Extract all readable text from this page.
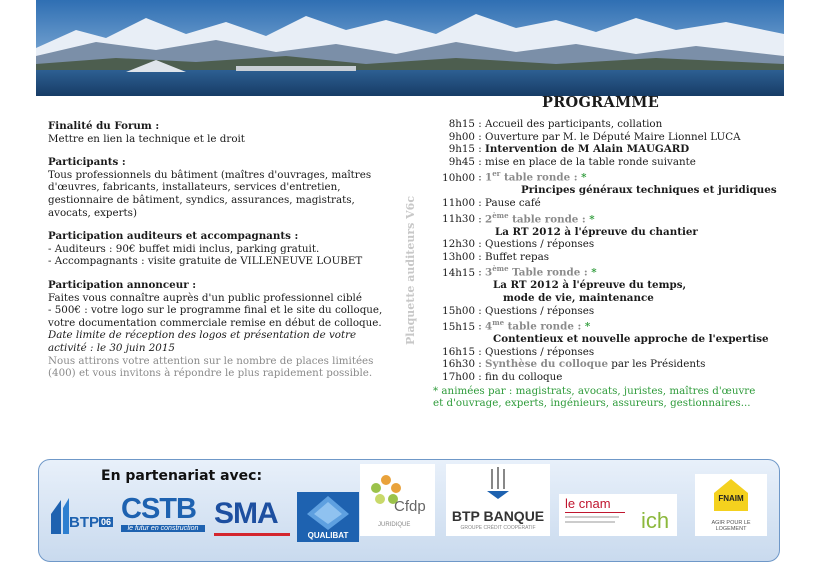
Finalité du Forum :
Mettre en lien la technique et le droit
Participants :
Tous professionnels du bâtiment (maîtres d'ouvrages, maîtres
d'œuvres, fabricants, installateurs, services d'entretien,
gestionnaire de bâtiment, syndics, assurances, magistrats,
avocats, experts)
Participation auditeurs et accompagnants :
- Auditeurs : 90€ buffet midi inclus, parking gratuit.
- Accompagnants : visite gratuite de VILLENEUVE LOUBET
Participation annonceur :
Faites vous connaître auprès d'un public professionnel ciblé
- 500€ : votre logo sur le programme final et le site du colloque,
votre documentation commerciale remise en début de colloque.
Date limite de réception des logos et présentation de votre
activité : le 30 juin 2015
Nous attirons votre attention sur le nombre de places limitées
(400) et vous invitons à répondre le plus rapidement possible.
Plaquette auditeurs V6c
PROGRAMME
8h15 : Accueil des participants, collation
9h00 : Ouverture par M. le Député Maire Lionnel LUCA
9h15 : Intervention de M Alain MAUGARD
9h45 : mise en place de la table ronde suivante
10h00 : 1er table ronde : *
Principes généraux techniques et juridiques
11h00 : Pause café
11h30 : 2ème table ronde : *
La RT 2012 à l'épreuve du chantier
12h30 : Questions / réponses
13h00 : Buffet repas
14h15 : 3ème Table ronde : *
La RT 2012 à l'épreuve du temps,
mode de vie, maintenance
15h00 : Questions / réponses
15h15 : $4^{me}$ table ronde : *
Contentieux et nouvelle approche de l'expertise
16h15 : Questions / réponses
16h30 : Synthèse du colloque par les Présidents
17h00 : fin du colloque
* animées par : magistrats, avocats, juristes, maîtres d'œuvre
et d'ouvrage, experts, ingénieurs, assureurs, gestionnaires...
En partenariat avec:
BTP 06 CSTB
le futur en construction SMA
QUALIBAT
Cfdp
JURIDIQUE
BTP BANQUE
GROUPE CRÉDIT COOPÉRATIF
le cnam
ich
FNAIM
AGIR POUR LE LOGEMENT
